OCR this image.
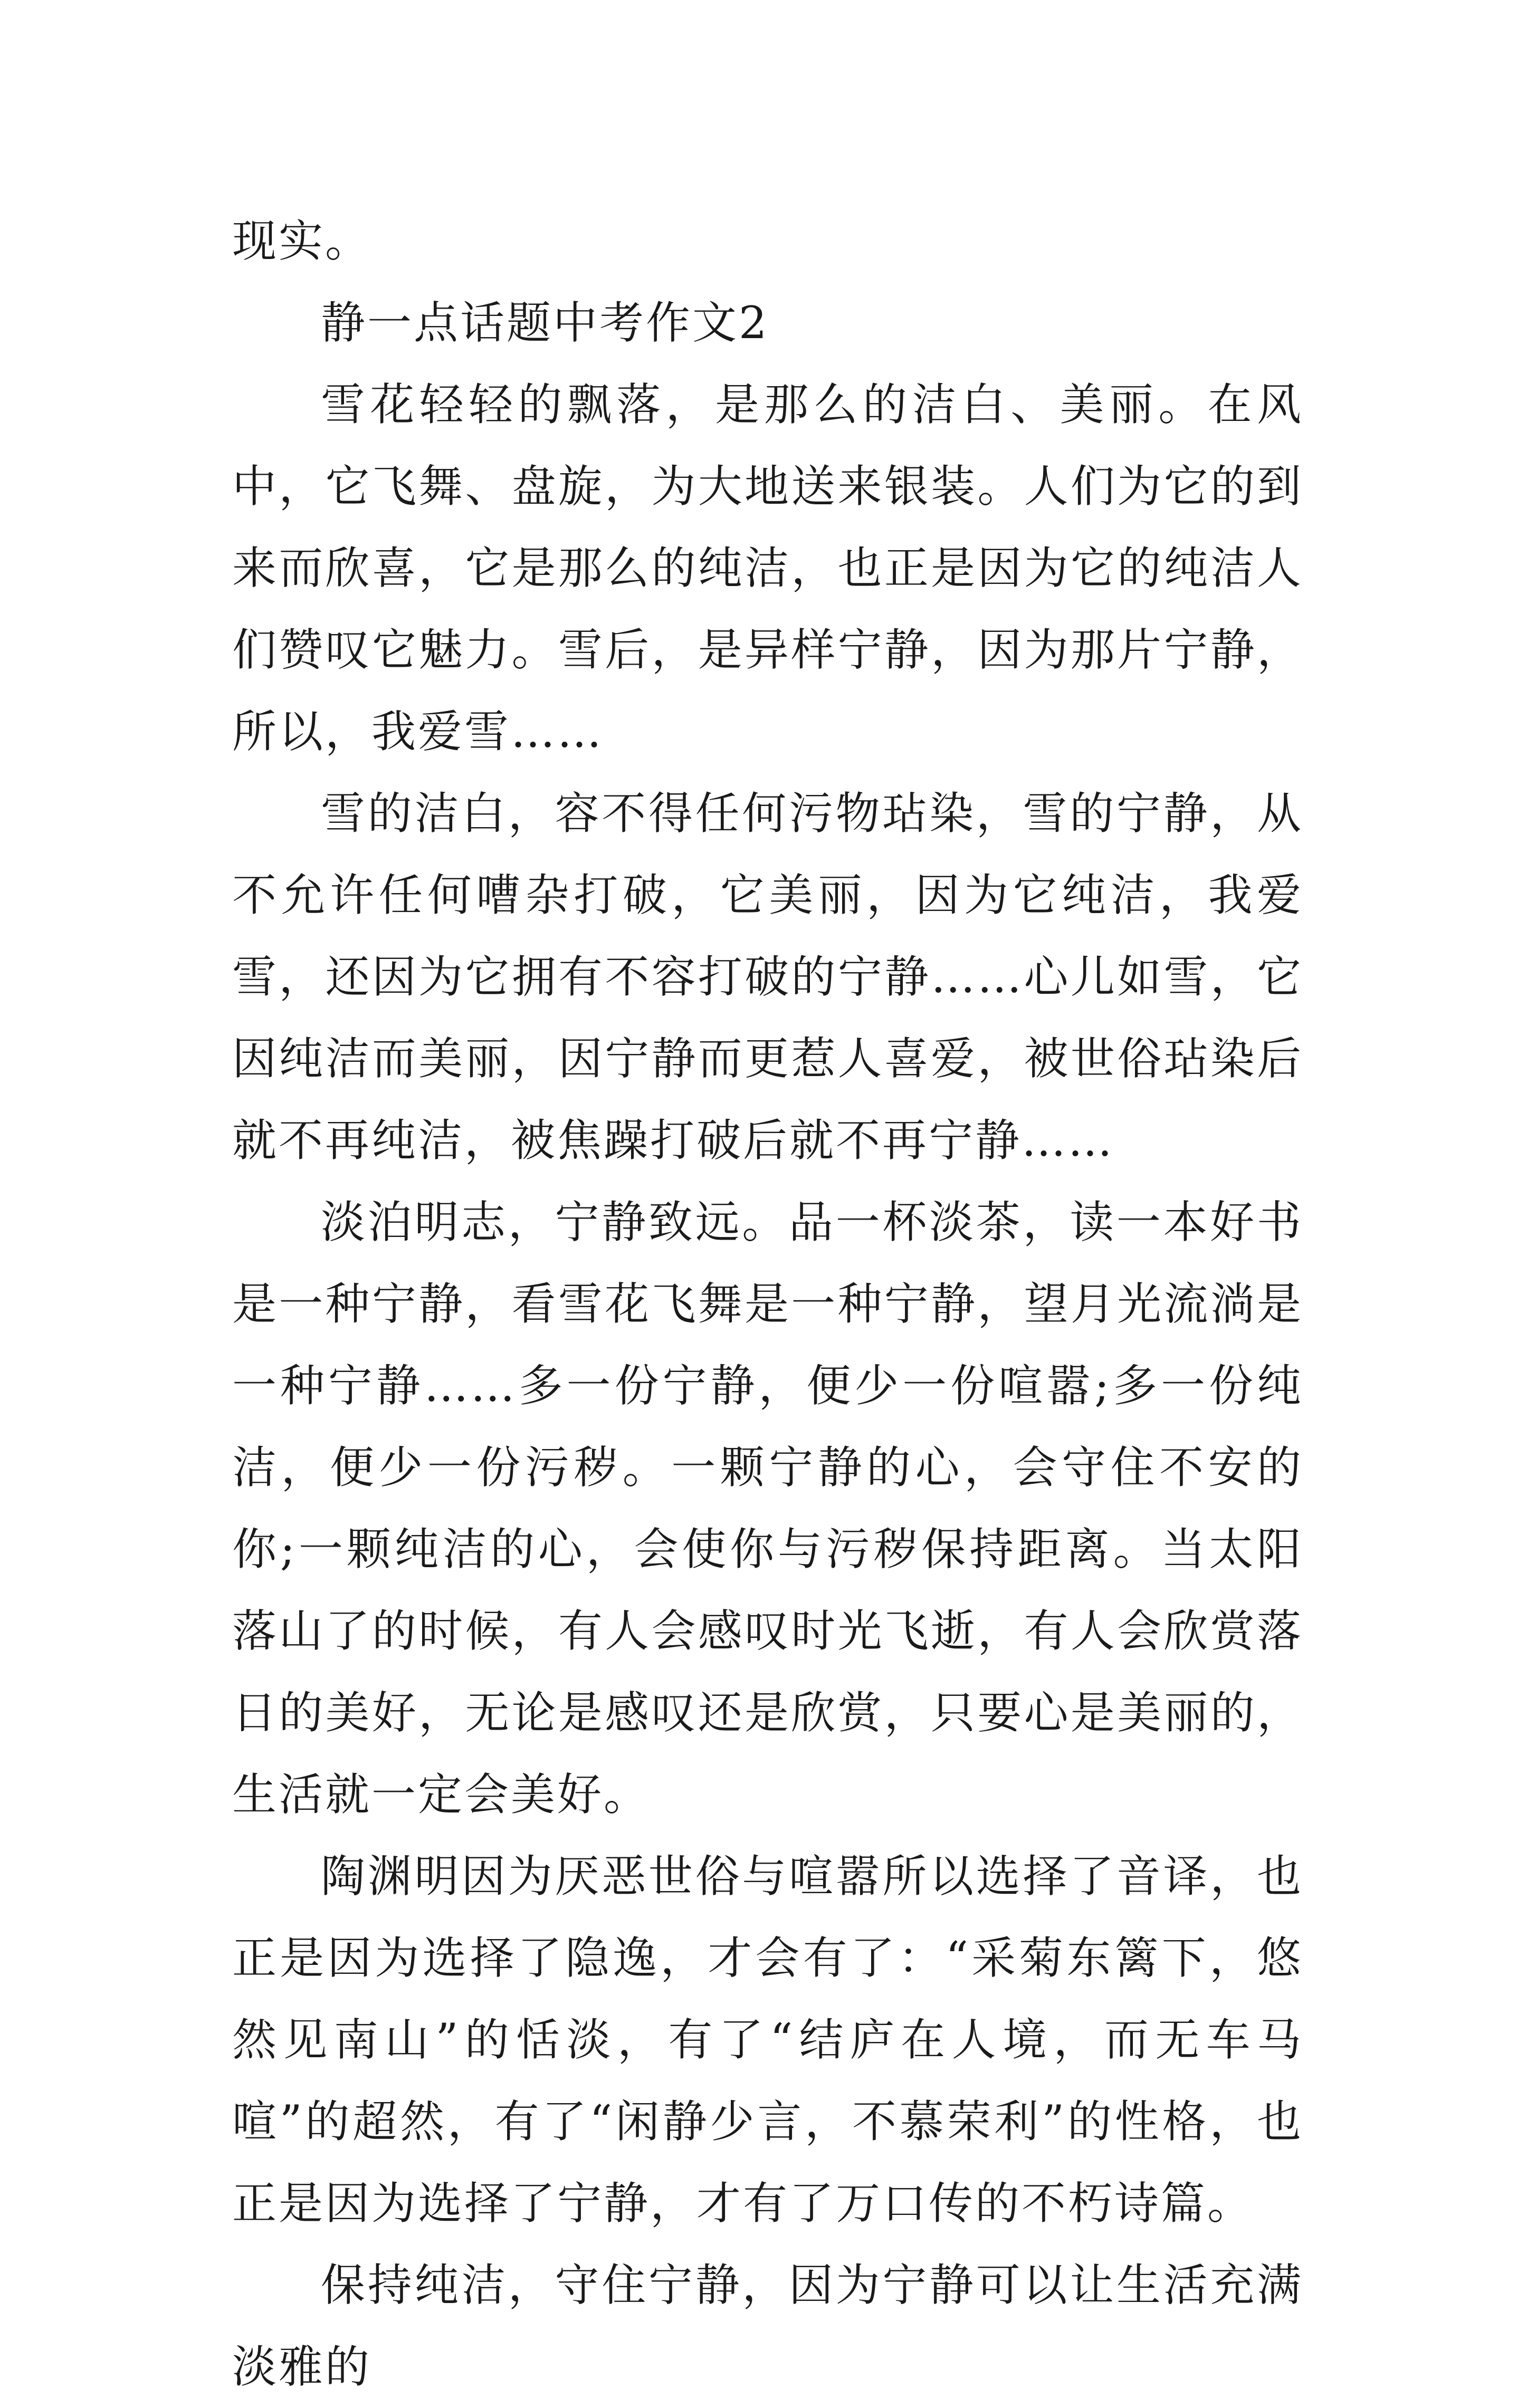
现实。

静一点话题中考作文2

雪花轻轻的飘落，是那么的洁白、美丽。在风中，它飞舞、盘旋，为大地送来银装。人们为它的到来而欣喜，它是那么的纯洁，也正是因为它的纯洁人们赞叹它魅力。雪后，是异样宁静，因为那片宁静，所以，我爱雪……

雪的洁白，容不得任何污物玷染，雪的宁静，从不允许任何嘈杂打破，它美丽，因为它纯洁，我爱雪，还因为它拥有不容打破的宁静……心儿如雪，它因纯洁而美丽，因宁静而更惹人喜爱，被世俗玷染后就不再纯洁，被焦躁打破后就不再宁静……

淡泊明志，宁静致远。品一杯淡茶，读一本好书是一种宁静，看雪花飞舞是一种宁静，望月光流淌是一种宁静……多一份宁静，便少一份喧嚣;多一份纯洁，便少一份污秽。一颗宁静的心，会守住不安的你;一颗纯洁的心，会使你与污秽保持距离。当太阳落山了的时候，有人会感叹时光飞逝，有人会欣赏落日的美好，无论是感叹还是欣赏，只要心是美丽的，生活就一定会美好。

陶渊明因为厌恶世俗与喧嚣所以选择了音译，也正是因为选择了隐逸，才会有了：“采菊东篱下，悠然见南山”的恬淡，有了“结庐在人境，而无车马喧”的超然，有了“闲静少言，不慕荣利”的性格，也正是因为选择了宁静，才有了万口传的不朽诗篇。

保持纯洁，守住宁静，因为宁静可以让生活充满淡雅的
